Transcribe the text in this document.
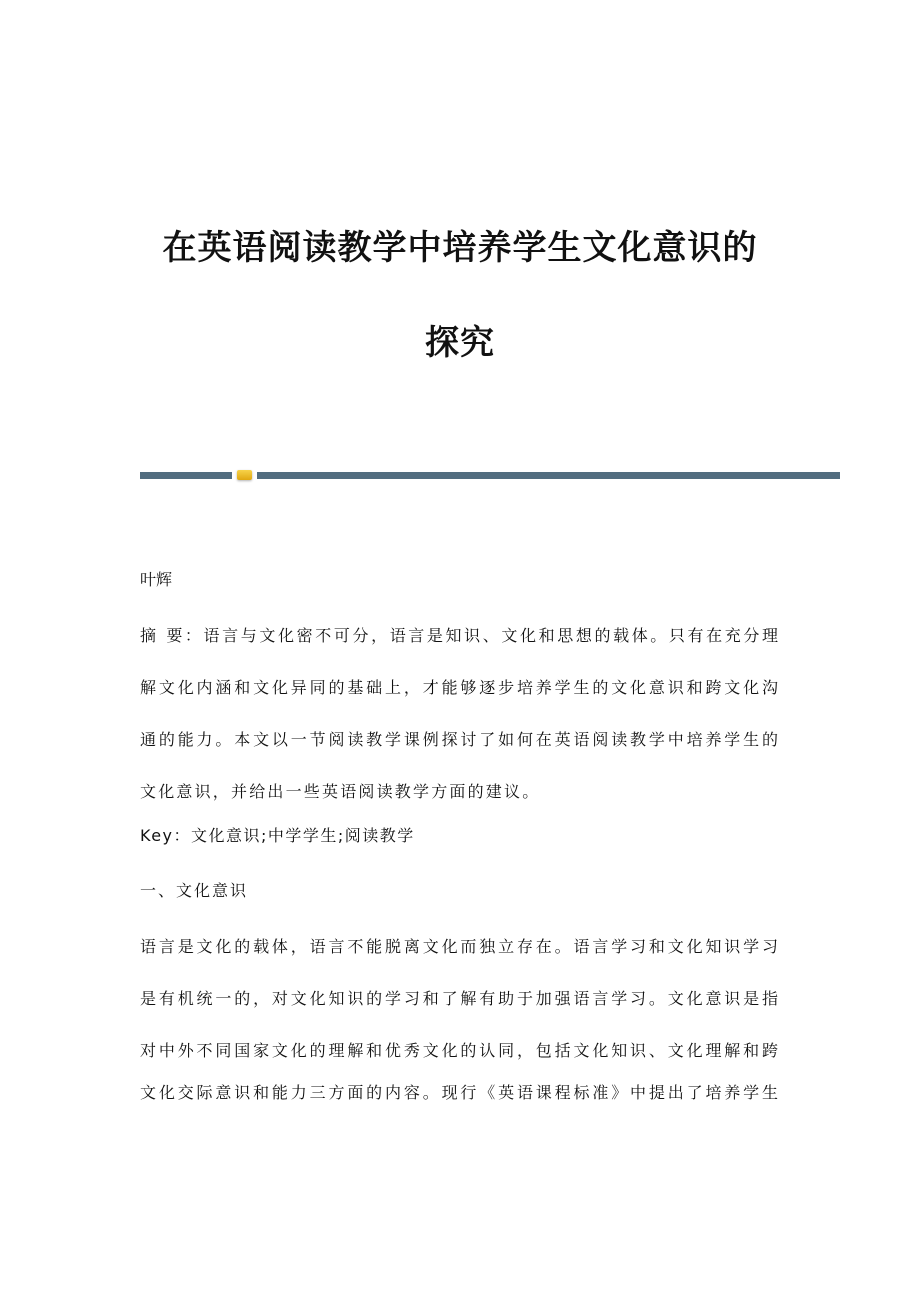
在英语阅读教学中培养学生文化意识的
探究
叶辉
摘 要：语言与文化密不可分，语言是知识、文化和思想的载体。只有在充分理
解文化内涵和文化异同的基础上，才能够逐步培养学生的文化意识和跨文化沟
通的能力。本文以一节阅读教学课例探讨了如何在英语阅读教学中培养学生的
文化意识，并给出一些英语阅读教学方面的建议。
Key：文化意识;中学学生;阅读教学
一、文化意识
语言是文化的载体，语言不能脱离文化而独立存在。语言学习和文化知识学习
是有机统一的，对文化知识的学习和了解有助于加强语言学习。文化意识是指
对中外不同国家文化的理解和优秀文化的认同，包括文化知识、文化理解和跨
文化交际意识和能力三方面的内容。现行《英语课程标准》中提出了培养学生
